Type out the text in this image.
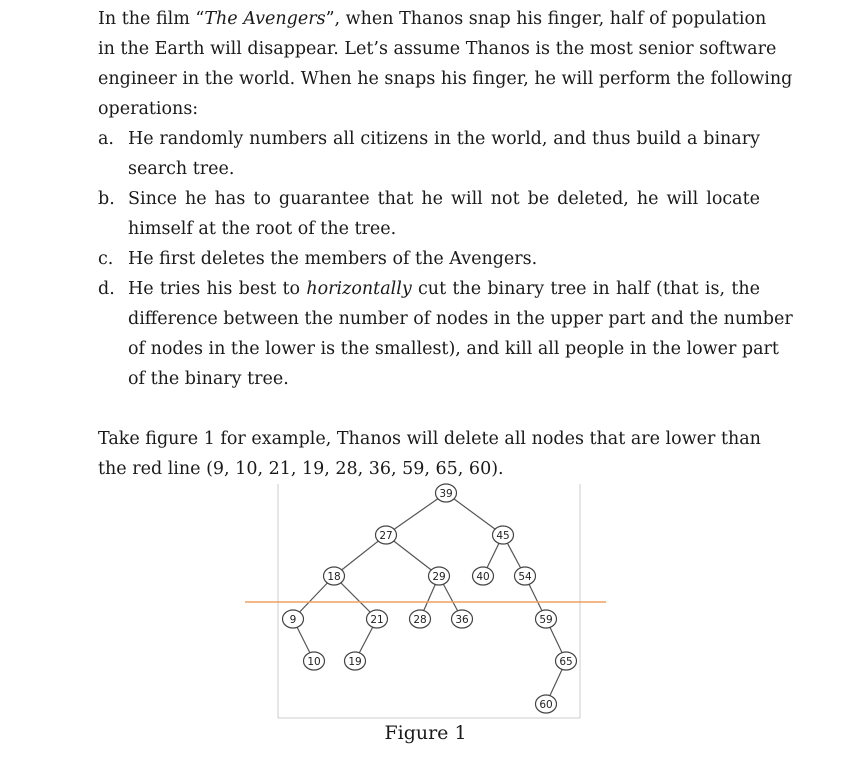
In the film “The Avengers”, when Thanos snap his finger, half of population
in the Earth will disappear. Let’s assume Thanos is the most senior software
engineer in the world. When he snaps his finger, he will perform the following
operations:
a. He randomly numbers all citizens in the world, and thus build a binary
search tree.
b. Since he has to guarantee that he will not be deleted, he will locate
himself at the root of the tree.
c. He first deletes the members of the Avengers.
d. He tries his best to horizontally cut the binary tree in half (that is, the
difference between the number of nodes in the upper part and the number
of nodes in the lower is the smallest), and kill all people in the lower part
of the binary tree.
Take figure 1 for example, Thanos will delete all nodes that are lower than
the red line (9, 10, 21, 19, 28, 36, 59, 65, 60).
39
27	45
18	29	40	54
9	21	28	36	59
10	19	65
60
Figure 1
